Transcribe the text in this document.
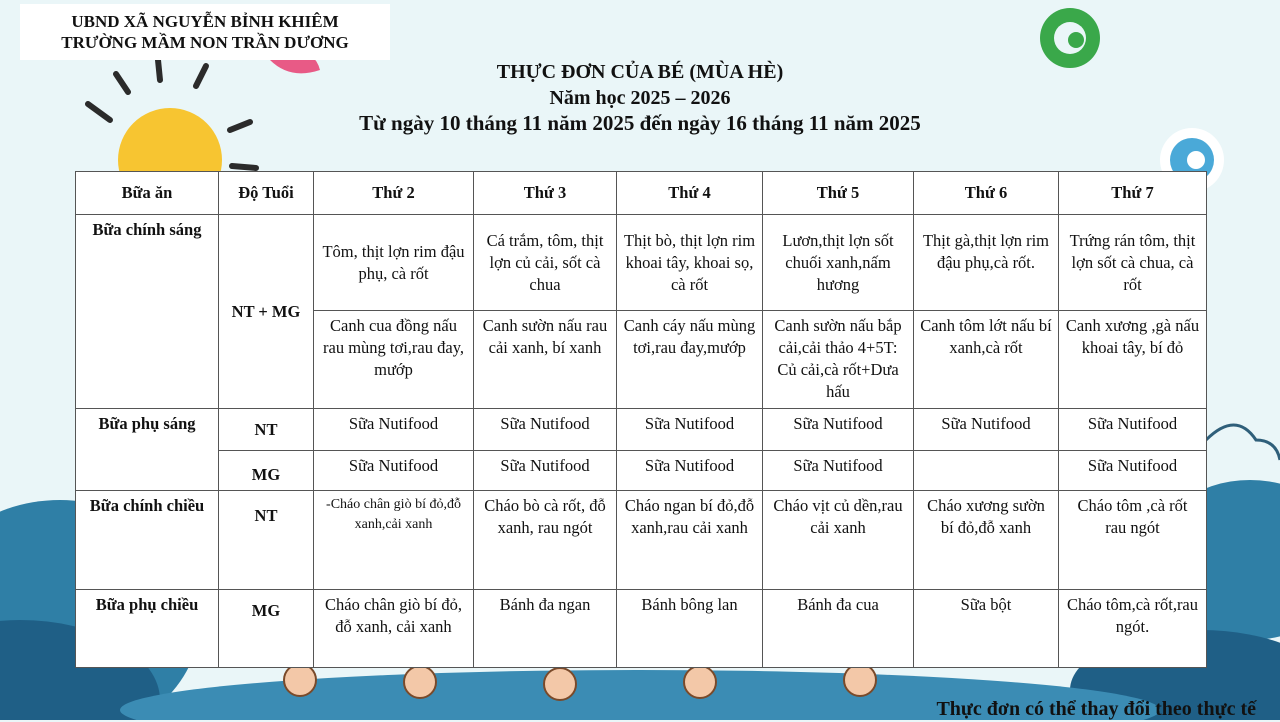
UBND XÃ NGUYỄN BỈNH KHIÊM
TRƯỜNG MẦM NON TRẦN DƯƠNG
THỰC ĐƠN CỦA BÉ (MÙA HÈ)
Năm học 2025 – 2026
Từ ngày 10 tháng 11 năm 2025 đến ngày 16 tháng 11 năm 2025
Bữa ăn	Độ Tuổi	Thứ 2	Thứ 3	Thứ 4	Thứ 5	Thứ 6	Thứ 7
Bữa chính sáng	NT + MG	Tôm, thịt lợn rim đậu phụ, cà rốt	Cá trắm, tôm, thịt lợn củ cải, sốt cà chua	Thịt bò, thịt lợn rim khoai tây, khoai sọ, cà rốt	Lươn,thịt lợn sốt chuối xanh,nấm hương	Thịt gà,thịt lợn rim đậu phụ,cà rốt.	Trứng rán tôm, thịt lợn sốt cà chua, cà rốt
		Canh cua đồng nấu rau mùng tơi,rau đay, mướp	Canh sườn nấu rau cải xanh, bí xanh	Canh cáy nấu mùng tơi,rau đay,mướp	Canh sườn nấu bắp cải,cải thảo 4+5T: Củ cải,cà rốt+Dưa hấu	Canh tôm lớt nấu bí xanh,cà rốt	Canh xương ,gà nấu khoai tây, bí đỏ
Bữa phụ sáng	NT	Sữa Nutifood	Sữa Nutifood	Sữa Nutifood	Sữa Nutifood	Sữa Nutifood	Sữa Nutifood
	MG	Sữa Nutifood	Sữa Nutifood	Sữa Nutifood	Sữa Nutifood		Sữa Nutifood
Bữa chính chiều	NT	-Cháo chân giò bí đỏ,đỗ xanh,cải xanh	Cháo bò cà rốt, đỗ xanh, rau ngót	Cháo ngan bí đỏ,đỗ xanh,rau cải xanh	Cháo vịt củ dền,rau cải xanh	Cháo xương sườn bí đỏ,đỗ xanh	Cháo tôm ,cà rốt rau ngót
Bữa phụ chiều	MG	Cháo chân giò bí đỏ, đỗ xanh, cải xanh	Bánh đa ngan	Bánh bông lan	Bánh đa cua	Sữa bột	Cháo tôm,cà rốt,rau ngót.
Thực đơn có thể thay đổi theo thực tế
